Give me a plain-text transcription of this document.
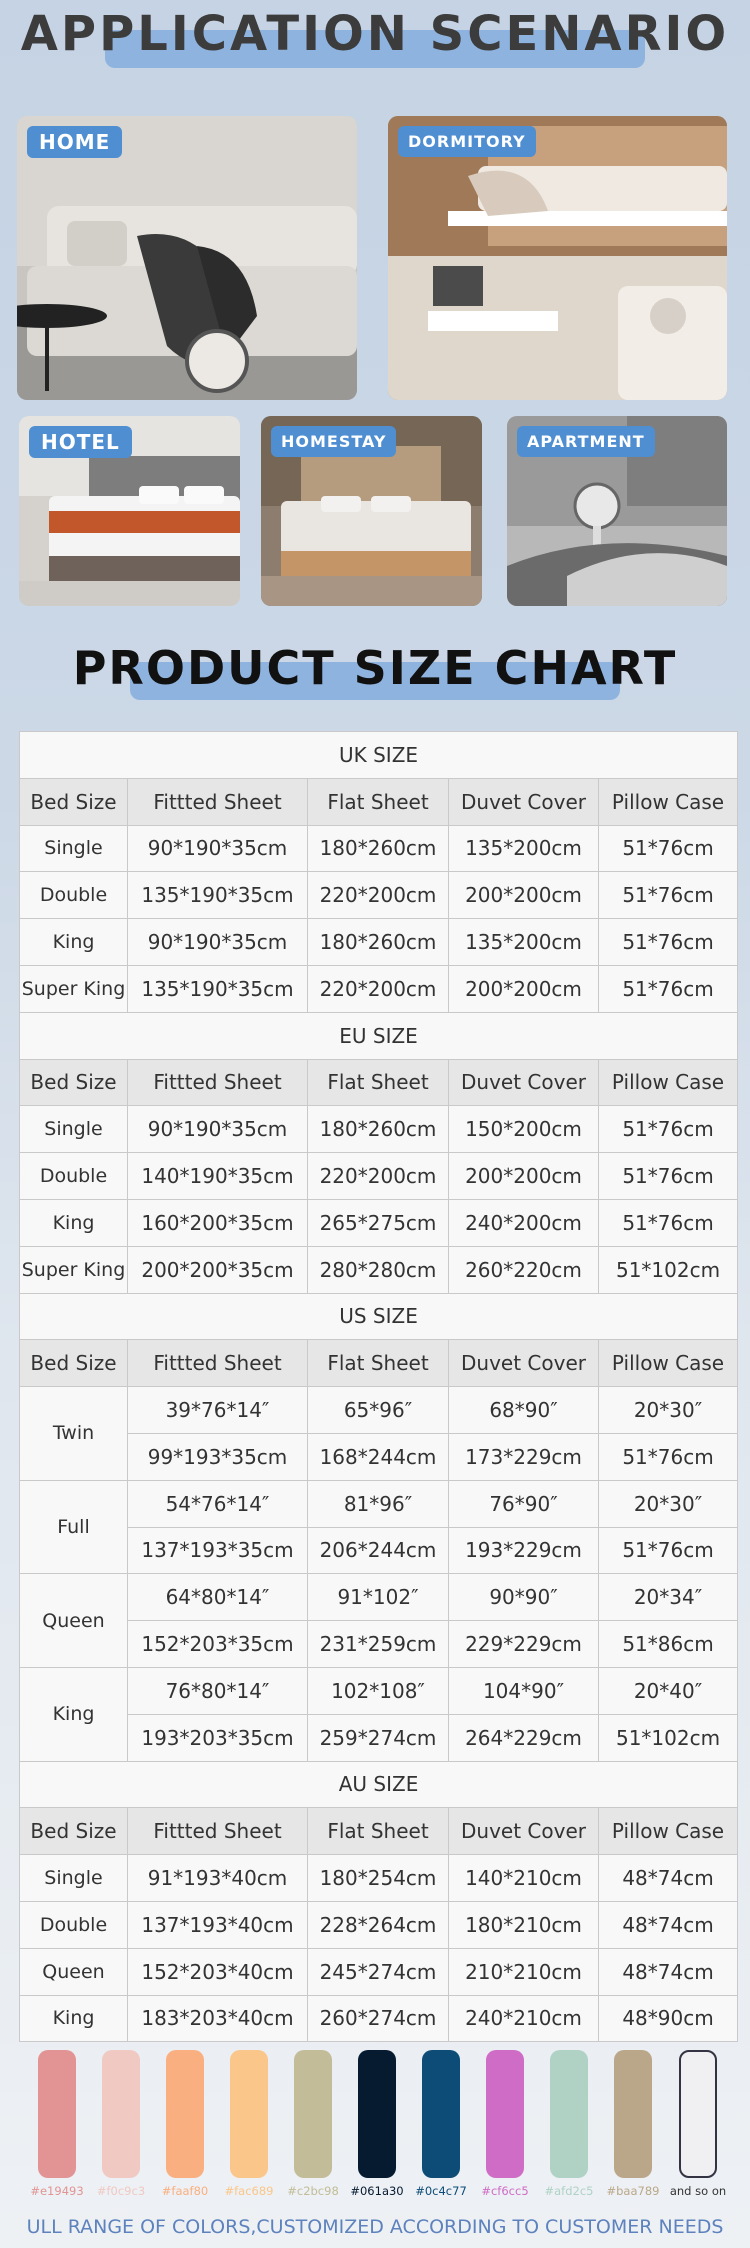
APPLICATION SCENARIO
HOME	DORMITORY
HOTEL	HOMESTAY	APARTMENT
PRODUCT SIZE CHART
UK SIZE				
Bed Size	Fittted Sheet	Flat Sheet	Duvet Cover	Pillow Case
Single	90*190*35cm	180*260cm	135*200cm	51*76cm
Double	135*190*35cm	220*200cm	200*200cm	51*76cm
King	90*190*35cm	180*260cm	135*200cm	51*76cm
Super King	135*190*35cm	220*200cm	200*200cm	51*76cm
EU SIZE				
Bed Size	Fittted Sheet	Flat Sheet	Duvet Cover	Pillow Case
Single	90*190*35cm	180*260cm	150*200cm	51*76cm
Double	140*190*35cm	220*200cm	200*200cm	51*76cm
King	160*200*35cm	265*275cm	240*200cm	51*76cm
Super King	200*200*35cm	280*280cm	260*220cm	51*102cm
US SIZE				
Bed Size	Fittted Sheet	Flat Sheet	Duvet Cover	Pillow Case
Twin	39*76*14″	65*96″	68*90″	20*30″
	99*193*35cm	168*244cm	173*229cm	51*76cm
Full	54*76*14″	81*96″	76*90″	20*30″
	137*193*35cm	206*244cm	193*229cm	51*76cm
Queen	64*80*14″	91*102″	90*90″	20*34″
	152*203*35cm	231*259cm	229*229cm	51*86cm
King	76*80*14″	102*108″	104*90″	20*40″
	193*203*35cm	259*274cm	264*229cm	51*102cm
AU SIZE				
Bed Size	Fittted Sheet	Flat Sheet	Duvet Cover	Pillow Case
Single	91*193*40cm	180*254cm	140*210cm	48*74cm
Double	137*193*40cm	228*264cm	180*210cm	48*74cm
Queen	152*203*40cm	245*274cm	210*210cm	48*74cm
King	183*203*40cm	260*274cm	240*210cm	48*90cm
and so on
#e19493	#f0c9c3	#faaf80	#fac689	#c2bc98	#061a30	#0c4c77	#cf6cc5	#afd2c5	#baa789
ULL RANGE OF COLORS,CUSTOMIZED ACCORDING TO CUSTOMER NEEDS
